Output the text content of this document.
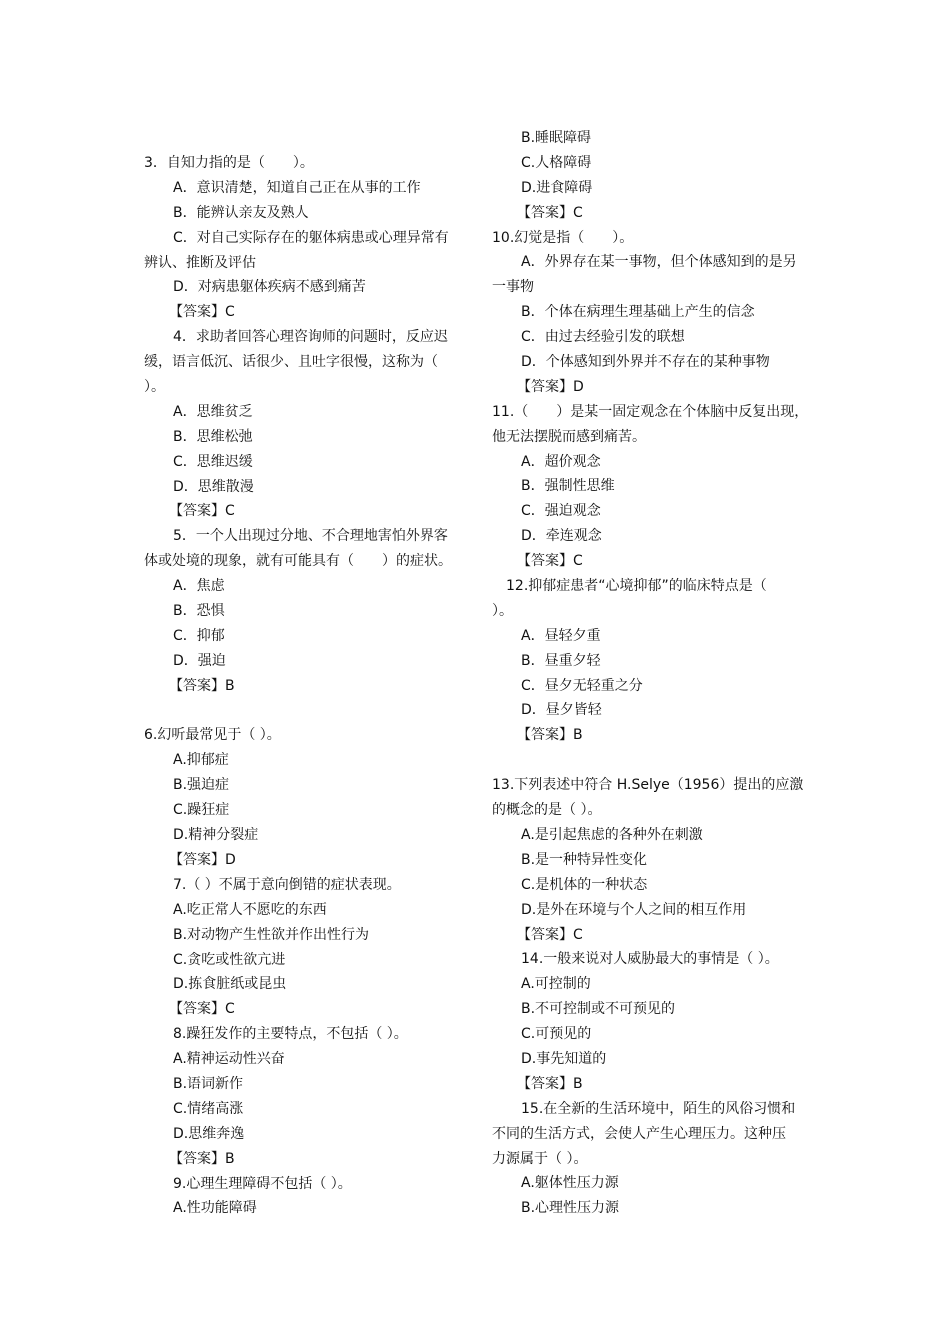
3．自知力指的是（　　）。
A．意识清楚，知道自己正在从事的工作
B．能辨认亲友及熟人
C．对自己实际存在的躯体病患或心理异常有
辨认、推断及评估
D．对病患躯体疾病不感到痛苦
【答案】C
4．求助者回答心理咨询师的问题时，反应迟
缓，语言低沉、话很少、且吐字很慢，这称为（
）。
A．思维贫乏
B．思维松弛
C．思维迟缓
D．思维散漫
【答案】C
5．一个人出现过分地、不合理地害怕外界客
体或处境的现象，就有可能具有（　　）的症状。
A．焦虑
B．恐惧
C．抑郁
D．强迫
【答案】B
6.幻听最常见于（ ）。
A.抑郁症
B.强迫症
C.躁狂症
D.精神分裂症
【答案】D
7.（ ）不属于意向倒错的症状表现。
A.吃正常人不愿吃的东西
B.对动物产生性欲并作出性行为
C.贪吃或性欲亢进
D.拣食脏纸或昆虫
【答案】C
8.躁狂发作的主要特点，不包括（ ）。
A.精神运动性兴奋
B.语词新作
C.情绪高涨
D.思维奔逸
【答案】B
9.心理生理障碍不包括（ ）。
A.性功能障碍
B.睡眠障碍
C.人格障碍
D.进食障碍
【答案】C
10.幻觉是指（　　）。
A．外界存在某一事物，但个体感知到的是另
一事物
B．个体在病理生理基础上产生的信念
C．由过去经验引发的联想
D．个体感知到外界并不存在的某种事物
【答案】D
11.（　　）是某一固定观念在个体脑中反复出现，
他无法摆脱而感到痛苦。
A．超价观念
B．强制性思维
C．强迫观念
D．牵连观念
【答案】C
12.抑郁症患者“心境抑郁”的临床特点是（
）。
A．昼轻夕重
B．昼重夕轻
C．昼夕无轻重之分
D．昼夕皆轻
【答案】B
13.下列表述中符合 H.Selye（1956）提出的应激
的概念的是（ ）。
A.是引起焦虑的各种外在刺激
B.是一种特异性变化
C.是机体的一种状态
D.是外在环境与个人之间的相互作用
【答案】C
14.一般来说对人威胁最大的事情是（ ）。
A.可控制的
B.不可控制或不可预见的
C.可预见的
D.事先知道的
【答案】B
15.在全新的生活环境中，陌生的风俗习惯和
不同的生活方式，会使人产生心理压力。这种压
力源属于（ ）。
A.躯体性压力源
B.心理性压力源
